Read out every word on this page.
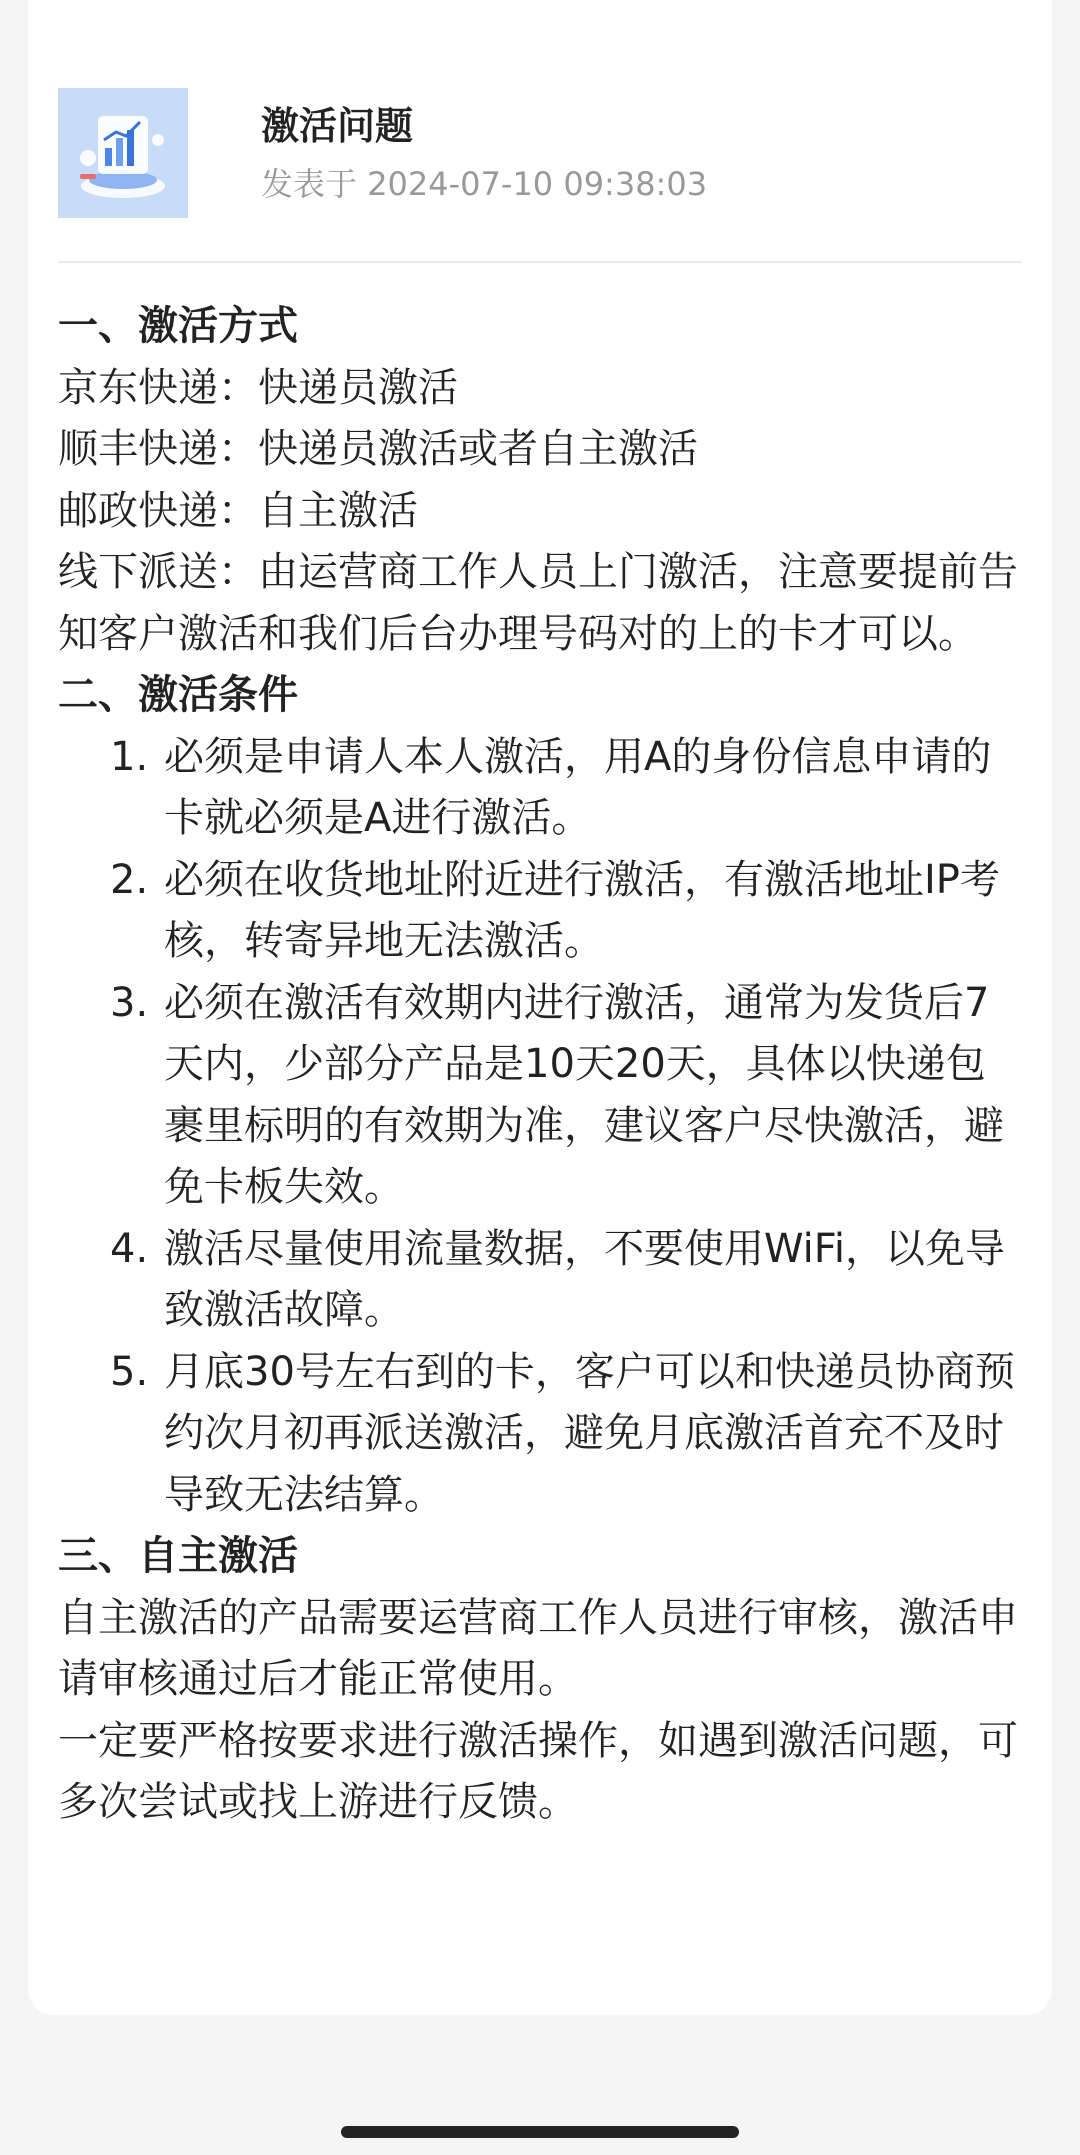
激活问题
发表于 2024-07-10 09:38:03

一、激活方式

京东快递：快递员激活

顺丰快递：快递员激活或者自主激活

邮政快递：自主激活

线下派送：由运营商工作人员上门激活，注意要提前告知客户激活和我们后台办理号码对的上的卡才可以。

二、激活条件

1. 必须是申请人本人激活，用A的身份信息申请的卡就必须是A进行激活。
2. 必须在收货地址附近进行激活，有激活地址IP考核，转寄异地无法激活。
3. 必须在激活有效期内进行激活，通常为发货后7天内，少部分产品是10天20天，具体以快递包裹里标明的有效期为准，建议客户尽快激活，避免卡板失效。
4. 激活尽量使用流量数据，不要使用WiFi，以免导致激活故障。
5. 月底30号左右到的卡，客户可以和快递员协商预约次月初再派送激活，避免月底激活首充不及时导致无法结算。

三、自主激活

自主激活的产品需要运营商工作人员进行审核，激活申请审核通过后才能正常使用。

一定要严格按要求进行激活操作，如遇到激活问题，可多次尝试或找上游进行反馈。
